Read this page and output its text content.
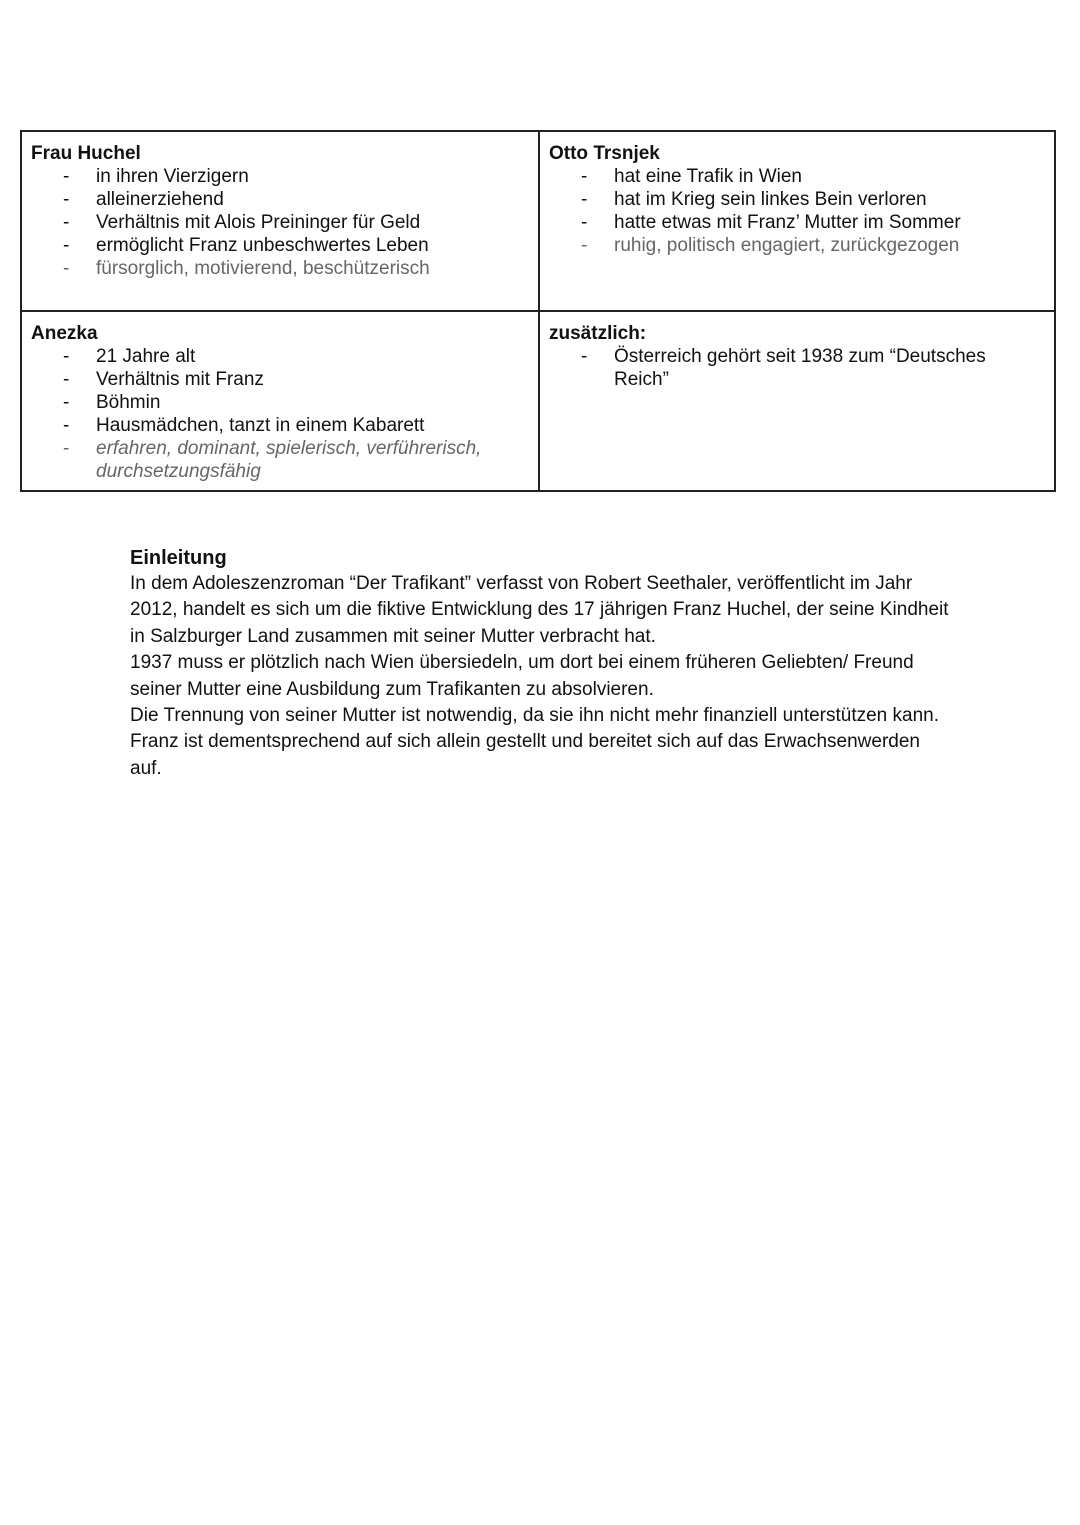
Frau Huchel

- in ihren Vierzigern
- alleinerziehend
- Verhältnis mit Alois Preininger für Geld
- ermöglicht Franz unbeschwertes Leben
- fürsorglich, motivierend, beschützerisch

Otto Trsnjek

- hat eine Trafik in Wien
- hat im Krieg sein linkes Bein verloren
- hatte etwas mit Franz’ Mutter im Sommer
- ruhig, politisch engagiert, zurückgezogen

Anezka

- 21 Jahre alt
- Verhältnis mit Franz
- Böhmin
- Hausmädchen, tanzt in einem Kabarett
- erfahren, dominant, spielerisch, verführerisch, durchsetzungsfähig

zusätzlich:

- Österreich gehört seit 1938 zum “Deutsches Reich”
Einleitung

In dem Adoleszenzroman “Der Trafikant” verfasst von Robert Seethaler, veröffentlicht im Jahr 2012, handelt es sich um die fiktive Entwicklung des 17 jährigen Franz Huchel, der seine Kindheit in Salzburger Land zusammen mit seiner Mutter verbracht hat.

1937 muss er plötzlich nach Wien übersiedeln, um dort bei einem früheren Geliebten/ Freund seiner Mutter eine Ausbildung zum Trafikanten zu absolvieren.

Die Trennung von seiner Mutter ist notwendig, da sie ihn nicht mehr finanziell unterstützen kann. Franz ist dementsprechend auf sich allein gestellt und bereitet sich auf das Erwachsenwerden auf.
